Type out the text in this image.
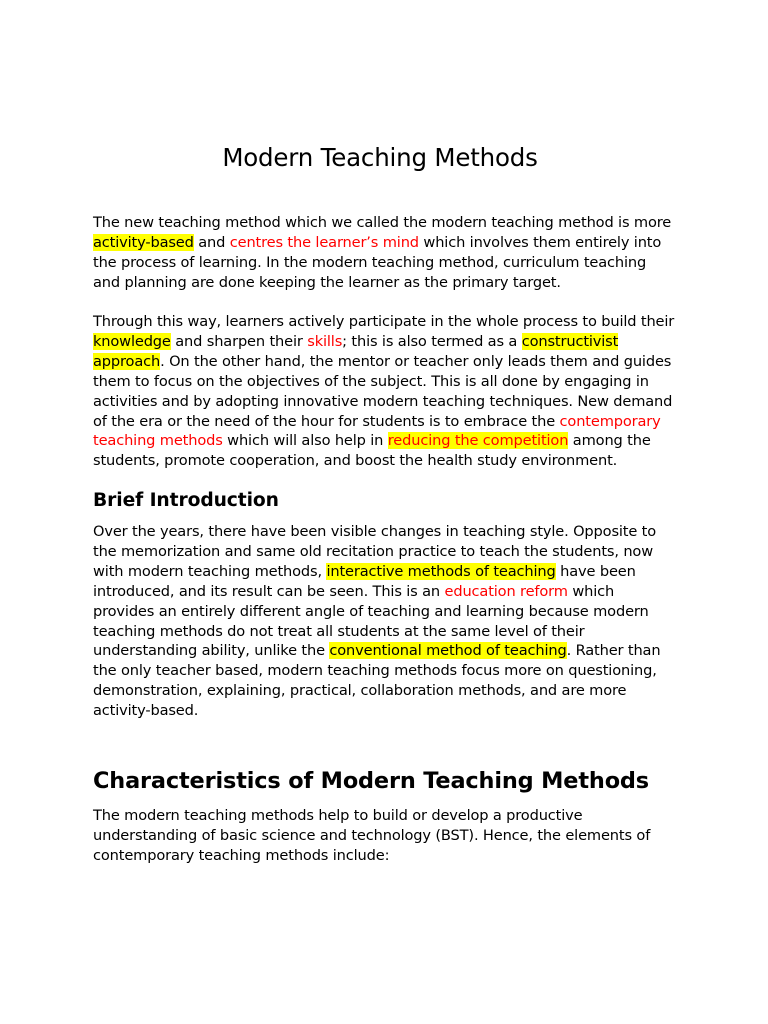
Modern Teaching Methods

The new teaching method which we called the modern teaching method is more
activity-based and centres the learner’s mind which involves them entirely into
the process of learning. In the modern teaching method, curriculum teaching
and planning are done keeping the learner as the primary target.

Through this way, learners actively participate in the whole process to build their
knowledge and sharpen their skills; this is also termed as a constructivist
approach. On the other hand, the mentor or teacher only leads them and guides
them to focus on the objectives of the subject. This is all done by engaging in
activities and by adopting innovative modern teaching techniques. New demand
of the era or the need of the hour for students is to embrace the contemporary
teaching methods which will also help in reducing the competition among the
students, promote cooperation, and boost the health study environment.

Brief Introduction

Over the years, there have been visible changes in teaching style. Opposite to
the memorization and same old recitation practice to teach the students, now
with modern teaching methods, interactive methods of teaching have been
introduced, and its result can be seen. This is an education reform which
provides an entirely different angle of teaching and learning because modern
teaching methods do not treat all students at the same level of their
understanding ability, unlike the conventional method of teaching. Rather than
the only teacher based, modern teaching methods focus more on questioning,
demonstration, explaining, practical, collaboration methods, and are more
activity-based.

Characteristics of Modern Teaching Methods

The modern teaching methods help to build or develop a productive
understanding of basic science and technology (BST). Hence, the elements of
contemporary teaching methods include:
